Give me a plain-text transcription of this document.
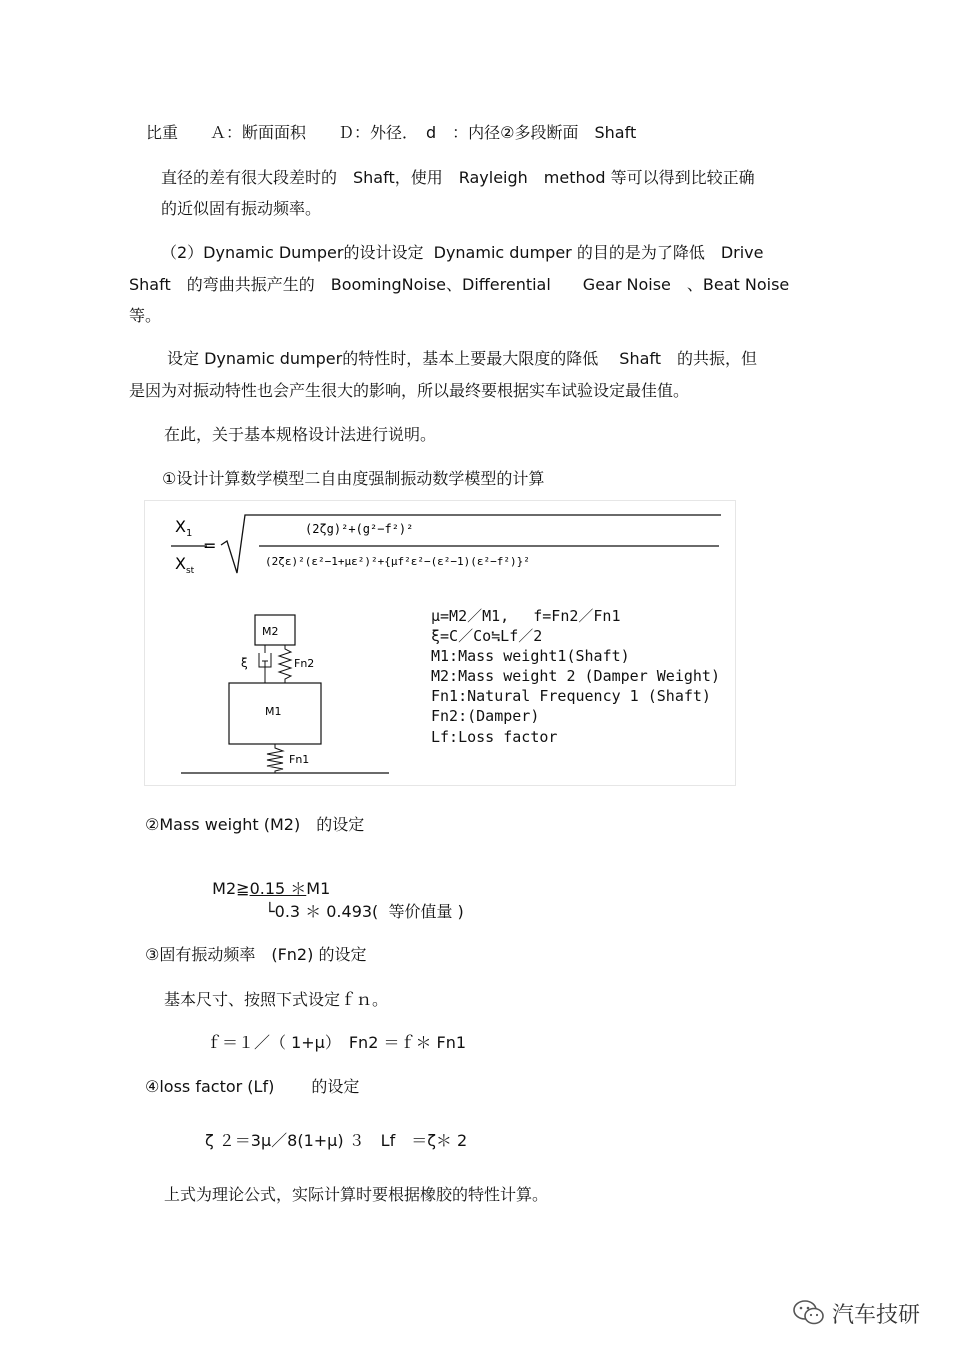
比重　　Ａ：断面面积　　Ｄ：外径．　d　：内径②多段断面　Shaft
直径的差有很大段差时的　Shaft，使用　Rayleigh　method 等可以得到比较正确
的近似固有振动频率。
（2）Dynamic Dumper的设计设定  Dynamic dumper 的目的是为了降低　Drive
Shaft　的弯曲共振产生的　BoomingNoise、Differential　　Gear Noise　、Beat Noise
等。
设定 Dynamic dumper的特性时，基本上要最大限度的降低　 Shaft　的共振，但
是因为对振动特性也会产生很大的影响，所以最终要根据实车试验设定最佳值。
在此，关于基本规格设计法进行说明。
①设计计算数学模型二自由度强制振动数学模型的计算
$X_1$
$X_{st}$
=
(2ζg)²+(g²−f²)²
(2ζε)²(ε²−1+με²)²+{μf²ε²−(ε²−1)(ε²−f²)}²
M2
ξ	Fn2
M1
Fn1
μ=M2／M1,　 f=Fn2／Fn1
ξ=C／Co≒Lf／2
M1:Mass weight1(Shaft)
M2:Mass weight 2 (Damper Weight)
Fn1:Natural Frequency 1 (Shaft)
Fn2:(Damper)
Lf:Loss factor
②Mass weight (M2)　的设定

M2≧0.15 ＊M1

└0.3 ＊ 0.493(  等价值量 )
③固有振动频率　(Fn2) 的设定
基本尺寸、按照下式设定ｆｎ。
ｆ＝１／（ 1+μ）　Fn2 ＝ｆ＊ Fn1
④loss factor (Lf)　　 的设定
ζ ２＝3μ／8(1+μ) ３　Lf　＝ζ＊ 2
上式为理论公式，实际计算时要根据橡胶的特性计算。
汽车技研
